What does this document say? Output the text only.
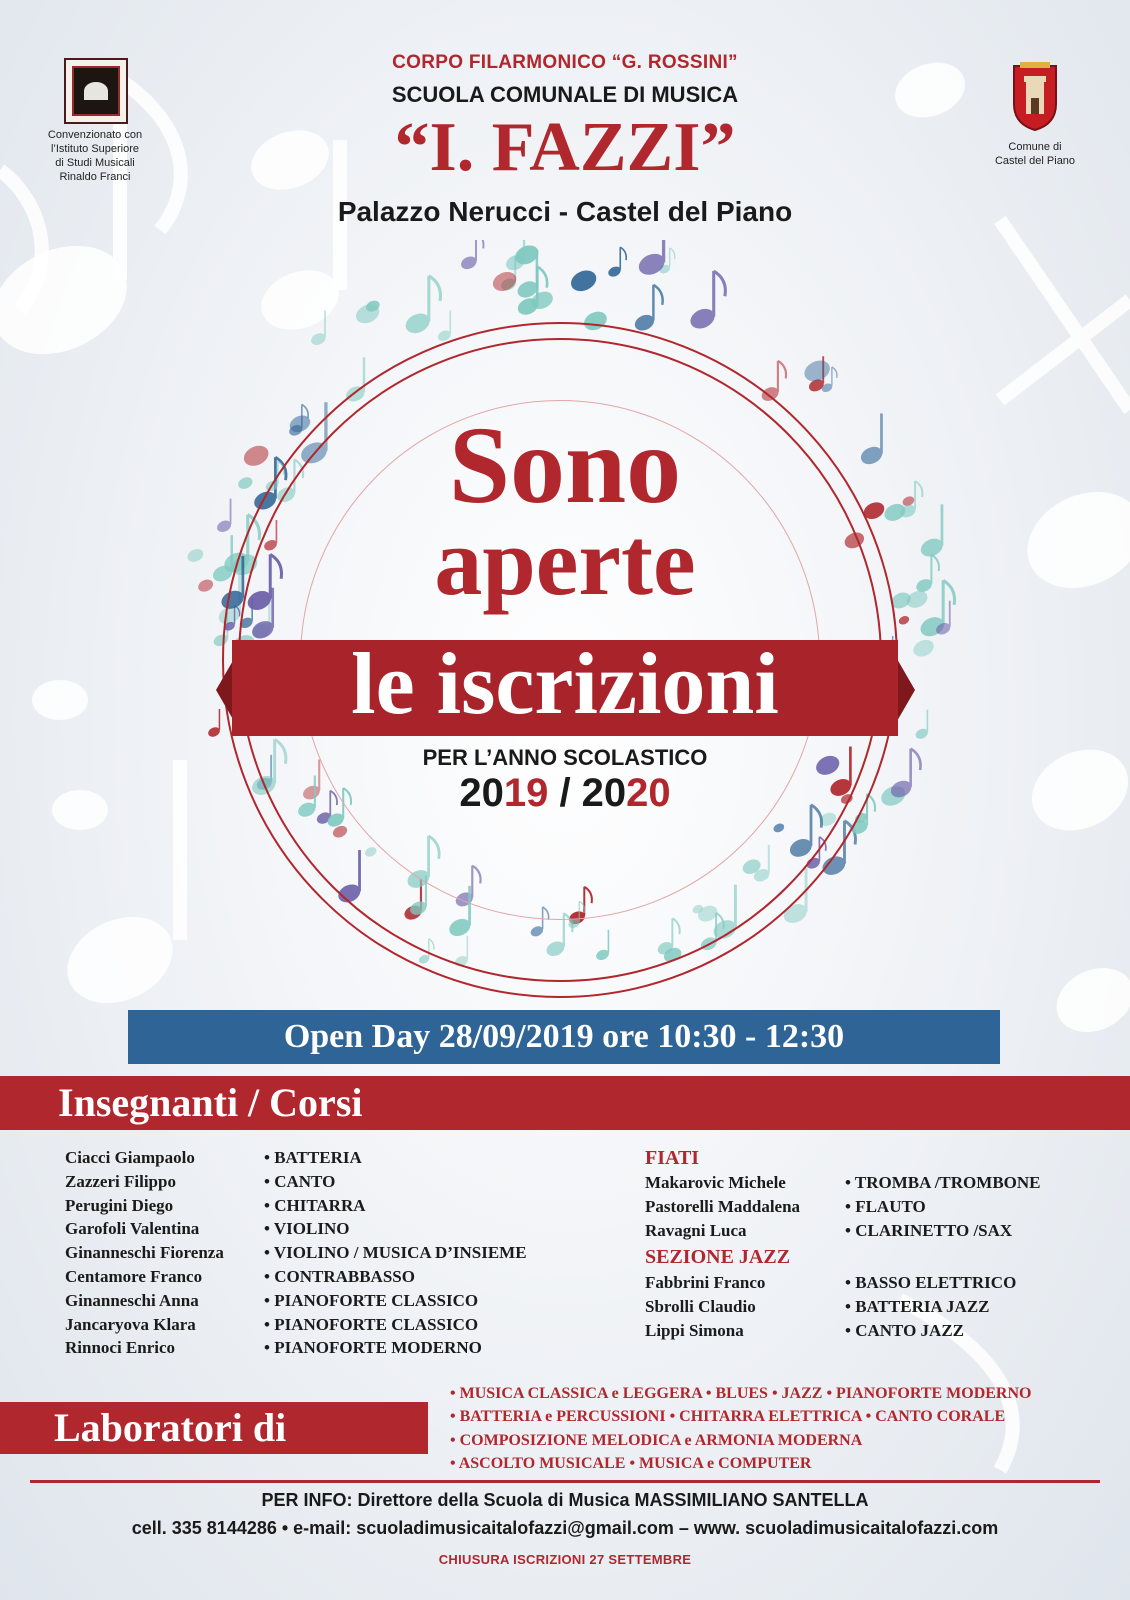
Convenzionato con
l’Istituto Superiore
di Studi Musicali
Rinaldo Franci
Comune di
Castel del Piano
CORPO FILARMONICO “G. ROSSINI”
SCUOLA COMUNALE DI MUSICA
“I. FAZZI”
Palazzo Nerucci - Castel del Piano
Sono
aperte
le iscrizioni
PER L’ANNO SCOLASTICO
2019 / 2020
Open Day 28/09/2019 ore 10:30 - 12:30
Insegnanti / Corsi
Ciacci Giampaolo
Zazzeri Filippo
Perugini Diego
Garofoli Valentina
Ginanneschi Fiorenza
Centamore Franco
Ginanneschi Anna
Jancaryova Klara
Rinnoci Enrico
• BATTERIA
• CANTO
• CHITARRA
• VIOLINO
• VIOLINO / MUSICA D’INSIEME
• CONTRABBASSO
• PIANOFORTE CLASSICO
• PIANOFORTE CLASSICO
• PIANOFORTE MODERNO
FIATI
Makarovic Michele
Pastorelli Maddalena
Ravagni Luca
• TROMBA /TROMBONE
• FLAUTO
• CLARINETTO /SAX
SEZIONE JAZZ
Fabbrini Franco
Sbrolli Claudio
Lippi Simona
• BASSO ELETTRICO
• BATTERIA JAZZ
• CANTO JAZZ
Laboratori di
• MUSICA CLASSICA e LEGGERA • BLUES • JAZZ • PIANOFORTE MODERNO
• BATTERIA e PERCUSSIONI • CHITARRA ELETTRICA • CANTO CORALE
• COMPOSIZIONE MELODICA e ARMONIA MODERNA
• ASCOLTO MUSICALE • MUSICA e COMPUTER
PER INFO: Direttore della Scuola di Musica MASSIMILIANO SANTELLA
cell. 335 8144286 • e-mail: scuoladimusicaitalofazzi@gmail.com – www. scuoladimusicaitalofazzi.com
CHIUSURA ISCRIZIONI 27 SETTEMBRE
